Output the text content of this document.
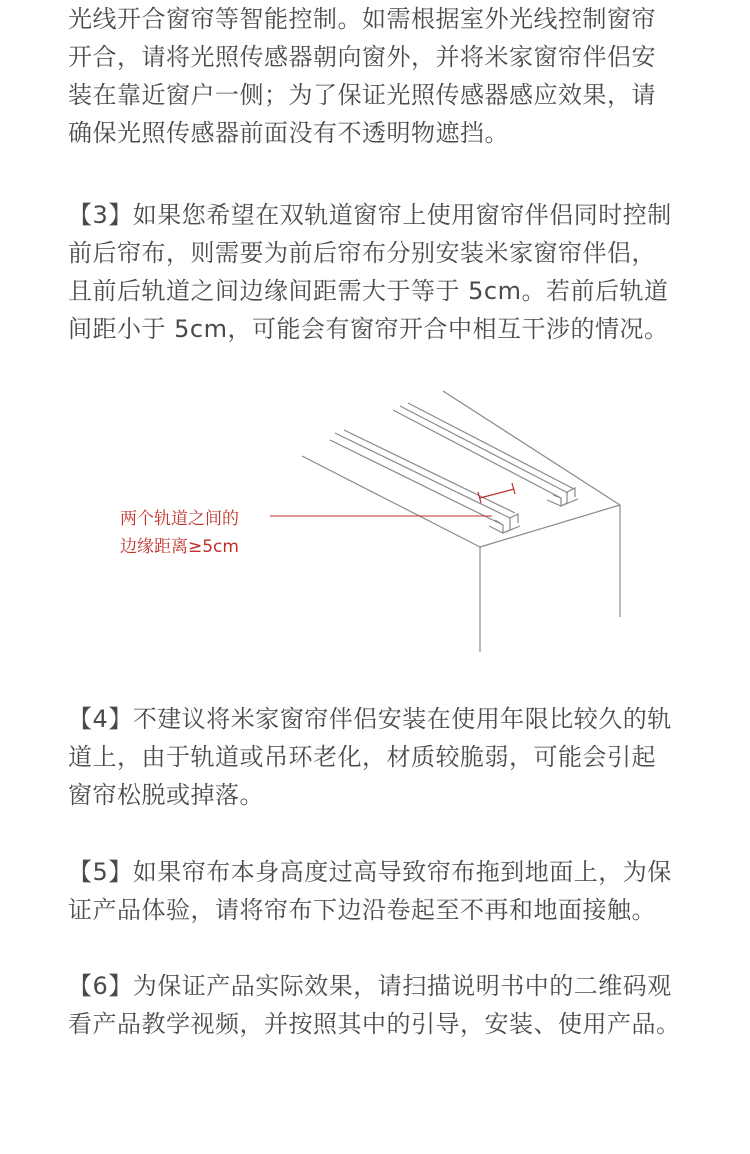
光线开合窗帘等智能控制。如需根据室外光线控制窗帘
开合，请将光照传感器朝向窗外，并将米家窗帘伴侣安
装在靠近窗户一侧；为了保证光照传感器感应效果，请
确保光照传感器前面没有不透明物遮挡。
【3】如果您希望在双轨道窗帘上使用窗帘伴侣同时控制
前后帘布，则需要为前后帘布分别安装米家窗帘伴侣，
且前后轨道之间边缘间距需大于等于 5cm。若前后轨道
间距小于 5cm，可能会有窗帘开合中相互干涉的情况。
两个轨道之间的
边缘距离≥5cm
【4】不建议将米家窗帘伴侣安装在使用年限比较久的轨
道上，由于轨道或吊环老化，材质较脆弱，可能会引起
窗帘松脱或掉落。
【5】如果帘布本身高度过高导致帘布拖到地面上，为保
证产品体验，请将帘布下边沿卷起至不再和地面接触。
【6】为保证产品实际效果，请扫描说明书中的二维码观
看产品教学视频，并按照其中的引导，安装、使用产品。
